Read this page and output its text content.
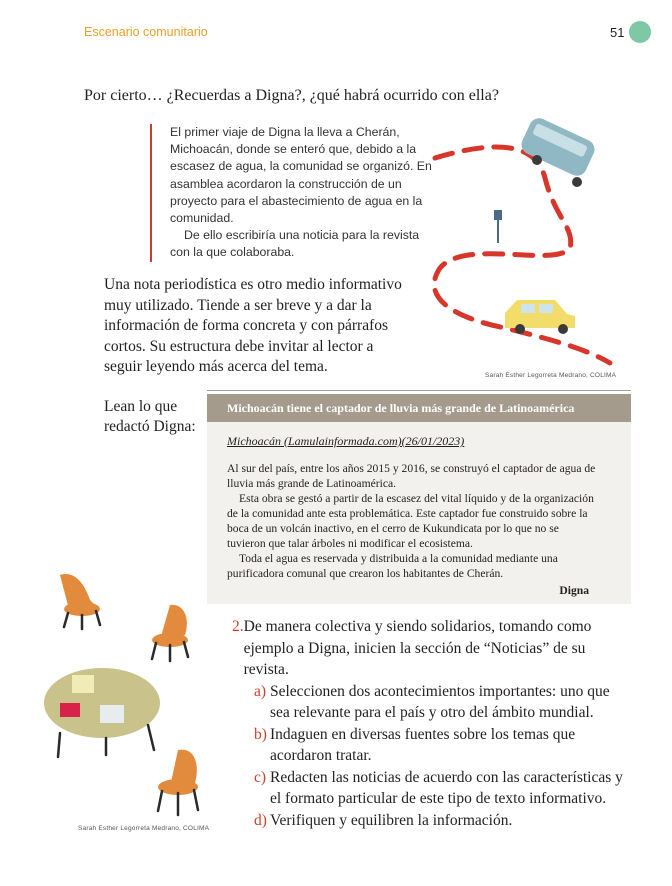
Escenario comunitario	51
Por cierto… ¿Recuerdas a Digna?, ¿qué habrá ocurrido con ella?

El primer viaje de Digna la lleva a Cherán, Michoacán, donde se enteró que, debido a la escasez de agua, la comunidad se organizó. En asamblea acordaron la construcción de un proyecto para el abastecimiento de agua en la comunidad.

De ello escribiría una noticia para la revista con la que colaboraba.

Una nota periodística es otro medio informativo muy utilizado. Tiende a ser breve y a dar la información de forma concreta y con párrafos cortos. Su estructura debe invitar al lector a seguir leyendo más acerca del tema.
Sarah Esther Legorreta Medrano, COLIMA
Lean lo que redactó Digna:
Michoacán tiene el captador de lluvia más grande de Latinoamérica
Michoacán (Lamulainformada.com)(26/01/2023)

Al sur del país, entre los años 2015 y 2016, se construyó el captador de agua de lluvia más grande de Latinoamérica.

Esta obra se gestó a partir de la escasez del vital líquido y de la organización de la comunidad ante esta problemática. Este captador fue construido sobre la boca de un volcán inactivo, en el cerro de Kukundicata por lo que no se tuvieron que talar árboles ni modificar el ecosistema.

Toda el agua es reservada y distribuida a la comunidad mediante una purificadora comunal que crearon los habitantes de Cherán.

Digna
2. De manera colectiva y siendo solidarios, tomando como ejemplo a Digna, inicien la sección de “Noticias” de su revista.
a) Seleccionen dos acontecimientos importantes: uno que sea relevante para el país y otro del ámbito mundial.
b) Indaguen en diversas fuentes sobre los temas que acordaron tratar.
c) Redacten las noticias de acuerdo con las características y el formato particular de este tipo de texto informativo.
d) Verifiquen y equilibren la información.
Sarah Esther Legorreta Medrano, COLIMA
